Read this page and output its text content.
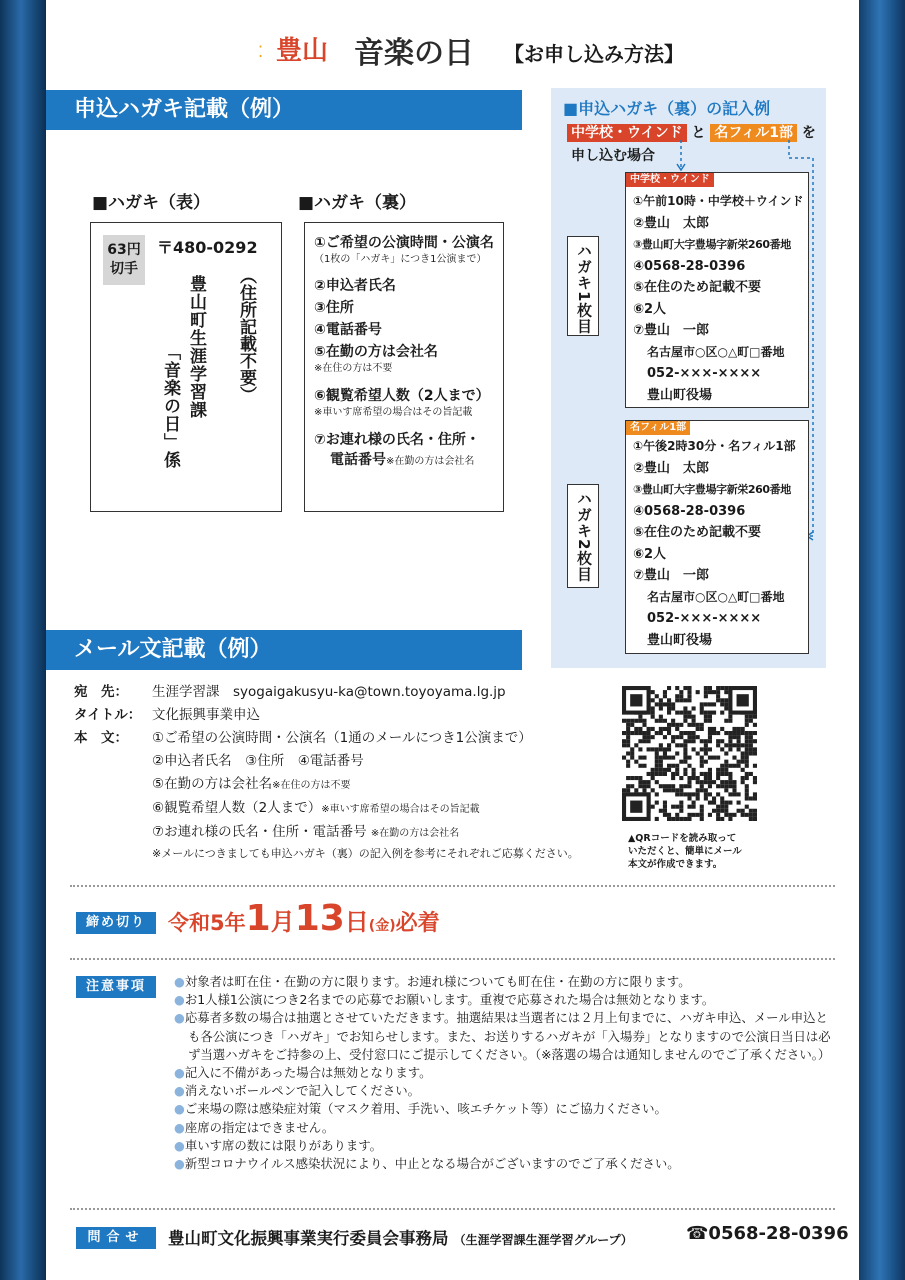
豊山
⁚	音楽の日 【お申し込み方法】
申込ハガキ記載（例）
■ハガキ（表）
63円
切手
〒480-0292
（住所記載不要）
豊山町生涯学習課
「音楽の日」係
■ハガキ（裏）
①ご希望の公演時間・公演名
（1枚の「ハガキ」につき1公演まで）
②申込者氏名
③住所
④電話番号
⑤在勤の方は会社名
※在住の方は不要
⑥観覧希望人数（2人まで）
※車いす席希望の場合はその旨記載
⑦お連れ様の氏名・住所・
電話番号※在勤の方は会社名
■申込ハガキ（裏）の記入例
中学校・ウインド と 名フィル1部 を
申し込む場合
ハガキ1枚目
中学校・ウインド
①午前10時・中学校＋ウインド
②豊山　太郎
③豊山町大字豊場字新栄260番地
④0568-28-0396
⑤在住のため記載不要
⑥2人
⑦豊山　一郎
名古屋市○区○△町□番地
052-×××-××××
豊山町役場
ハガキ2枚目
名フィル1部
①午後2時30分・名フィル1部
②豊山　太郎
③豊山町大字豊場字新栄260番地
④0568-28-0396
⑤在住のため記載不要
⑥2人
⑦豊山　一郎
名古屋市○区○△町□番地
052-×××-××××
豊山町役場
メール文記載（例）
宛　先： 生涯学習課　syogaigakusyu-ka@town.toyoyama.lg.jp
タイトル： 文化振興事業申込
本　文： ①ご希望の公演時間・公演名（1通のメールにつき1公演まで）
②申込者氏名　③住所　④電話番号
⑤在勤の方は会社名※在住の方は不要
⑥観覧希望人数（2人まで）※車いす席希望の場合はその旨記載
⑦お連れ様の氏名・住所・電話番号 ※在勤の方は会社名
※メールにつきましても申込ハガキ（裏）の記入例を参考にそれぞれご応募ください。
▲QRコードを読み取って
いただくと、簡単にメール
本文が作成できます。
締め切り	令和5年1月13日(金)必着
注意事項	●対象者は町在住・在勤の方に限ります。お連れ様についても町在住・在勤の方に限ります。
●お1人様1公演につき2名までの応募でお願いします。重複で応募された場合は無効となります。
●応募者多数の場合は抽選とさせていただきます。抽選結果は当選者には２月上旬までに、ハガキ申込、メール申込とも各公演につき「ハガキ」でお知らせします。また、お送りするハガキが「入場券」となりますので公演日当日は必ず当選ハガキをご持参の上、受付窓口にご提示してください。（※落選の場合は通知しませんのでご了承ください。）
●記入に不備があった場合は無効となります。
●消えないボールペンで記入してください。
●ご来場の際は感染症対策（マスク着用、手洗い、咳エチケット等）にご協力ください。
●座席の指定はできません。
●車いす席の数には限りがあります。
●新型コロナウイルス感染状況により、中止となる場合がございますのでご了承ください。
問合せ	豊山町文化振興事業実行委員会事務局 （生涯学習課生涯学習グループ）	☎0568-28-0396
